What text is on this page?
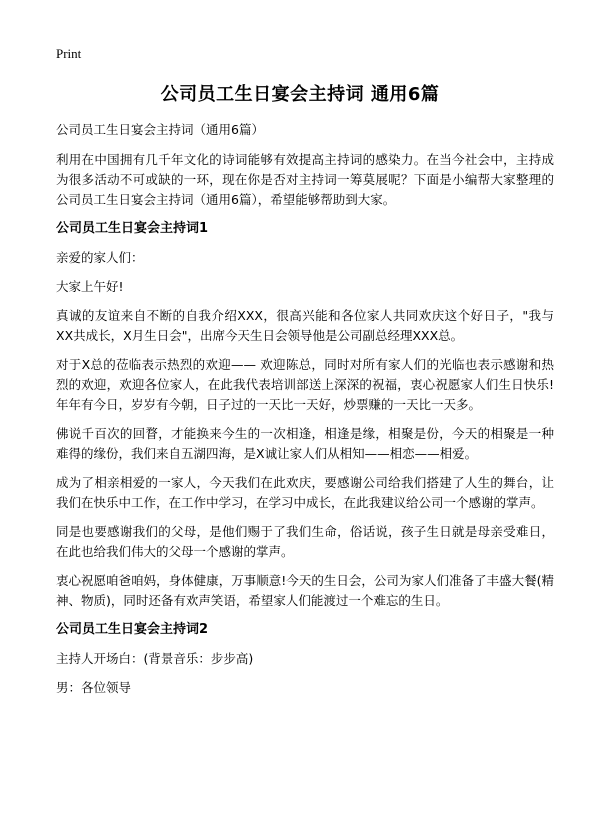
Print
公司员工生日宴会主持词 通用6篇

公司员工生日宴会主持词（通用6篇）

利用在中国拥有几千年文化的诗词能够有效提高主持词的感染力。在当今社会中，主持成为很多活动不可或缺的一环，现在你是否对主持词一筹莫展呢？下面是小编帮大家整理的公司员工生日宴会主持词（通用6篇），希望能够帮助到大家。

公司员工生日宴会主持词1

亲爱的家人们：

大家上午好!

真诚的友谊来自不断的自我介绍XXX，很高兴能和各位家人共同欢庆这个好日子，"我与XX共成长，X月生日会"，出席今天生日会领导他是公司副总经理XXX总。

对于X总的莅临表示热烈的欢迎—— 欢迎陈总，同时对所有家人们的光临也表示感谢和热烈的欢迎，欢迎各位家人，在此我代表培训部送上深深的祝福，衷心祝愿家人们生日快乐!年年有今日，岁岁有今朝，日子过的一天比一天好，炒票赚的一天比一天多。

佛说千百次的回瞀，才能换来今生的一次相逢，相逢是缘，相聚是份，今天的相聚是一种难得的缘份，我们来自五湖四海，是X诚让家人们从相知——相恋——相爱。

成为了相亲相爱的一家人，今天我们在此欢庆，要感谢公司给我们搭建了人生的舞台，让我们在快乐中工作，在工作中学习，在学习中成长，在此我建议给公司一个感谢的掌声。

同是也要感谢我们的父母，是他们赐于了我们生命，俗话说，孩子生日就是母亲受难日，在此也给我们伟大的父母一个感谢的掌声。

衷心祝愿咱爸咱妈，身体健康，万事顺意!今天的生日会，公司为家人们准备了丰盛大餐(精神、物质)，同时还备有欢声笑语，希望家人们能渡过一个难忘的生日。

公司员工生日宴会主持词2

主持人开场白：(背景音乐：步步高)

男：各位领导
